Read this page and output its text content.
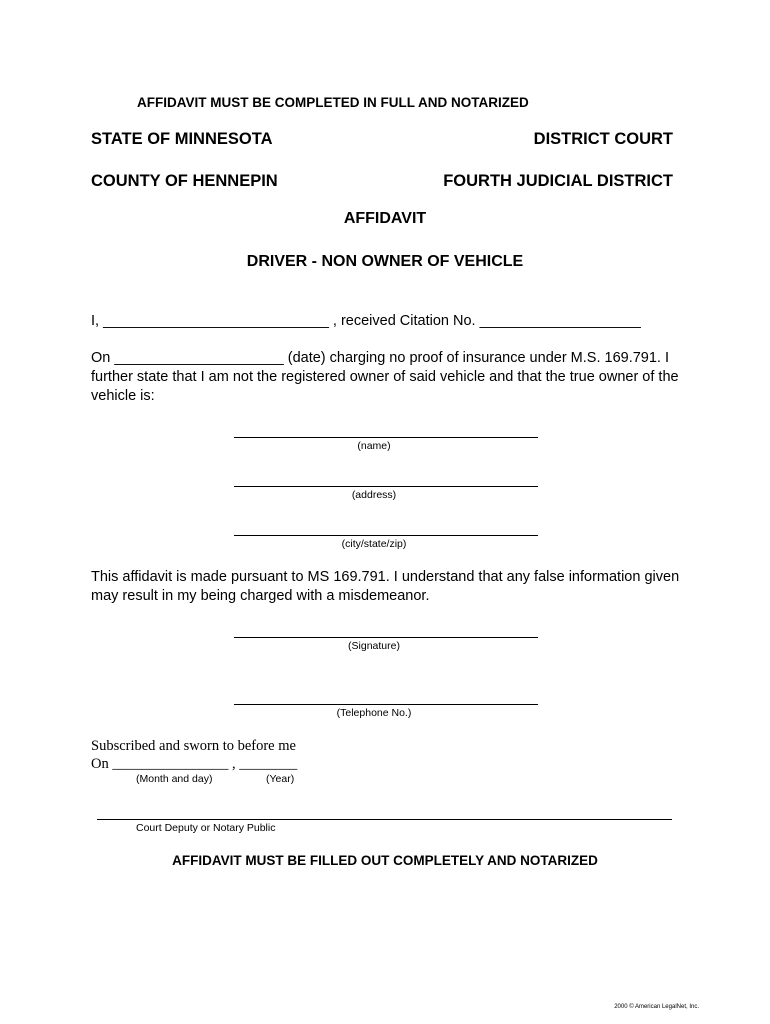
AFFIDAVIT MUST BE COMPLETED IN FULL AND NOTARIZED
STATE OF MINNESOTA	DISTRICT COURT
COUNTY OF HENNEPIN	FOURTH JUDICIAL DISTRICT
AFFIDAVIT
DRIVER - NON OWNER OF VEHICLE
I, ____________________________ , received Citation No. ____________________
On _____________________ (date) charging no proof of insurance under M.S. 169.791. I further state that I am not the registered owner of said vehicle and that the true owner of the vehicle is:
(name)
(address)
(city/state/zip)
This affidavit is made pursuant to MS 169.791. I understand that any false information given may result in my being charged with a misdemeanor.
(Signature)
(Telephone No.)
Subscribed and sworn to before me
On ________________ , ________
(Month and day)	(Year)
Court Deputy or Notary Public
AFFIDAVIT MUST BE FILLED OUT COMPLETELY AND NOTARIZED
2000 © American LegalNet, Inc.
